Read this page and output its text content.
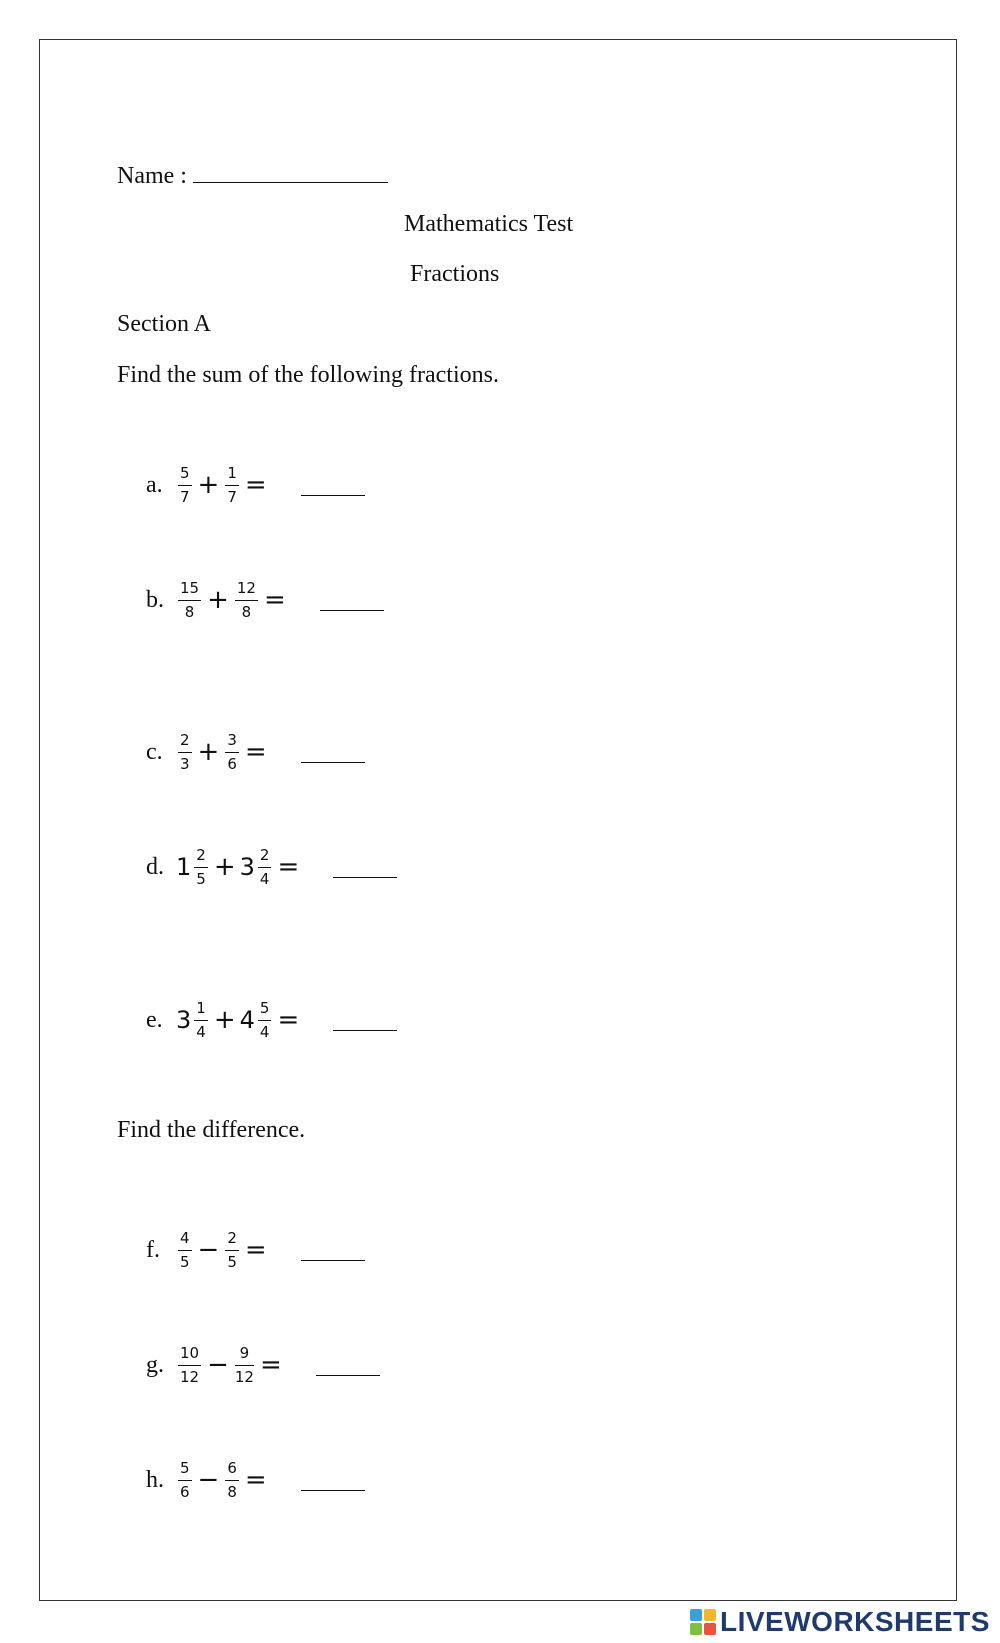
Name :
Mathematics Test
Fractions
Section A
Find the sum of the following fractions.
a.	$\frac{5}{7} + \frac{1}{7}$ =
b. $\frac{15}{8} + \frac{12}{8}$ =
c.	$\frac{2}{3} + \frac{3}{6}$ =
d. $1 \frac{2}{5} + 3 \frac{2}{4}$ =
e. $3 \frac{1}{4} + 4 \frac{5}{4}$ =
Find the difference.
f.	$\frac{4}{5} - \frac{2}{5}$ =
g. $\frac{10}{12} - \frac{9}{12}$ =
h. $\frac{5}{6} - \frac{6}{8}$ =
LIVEWORKSHEETS
